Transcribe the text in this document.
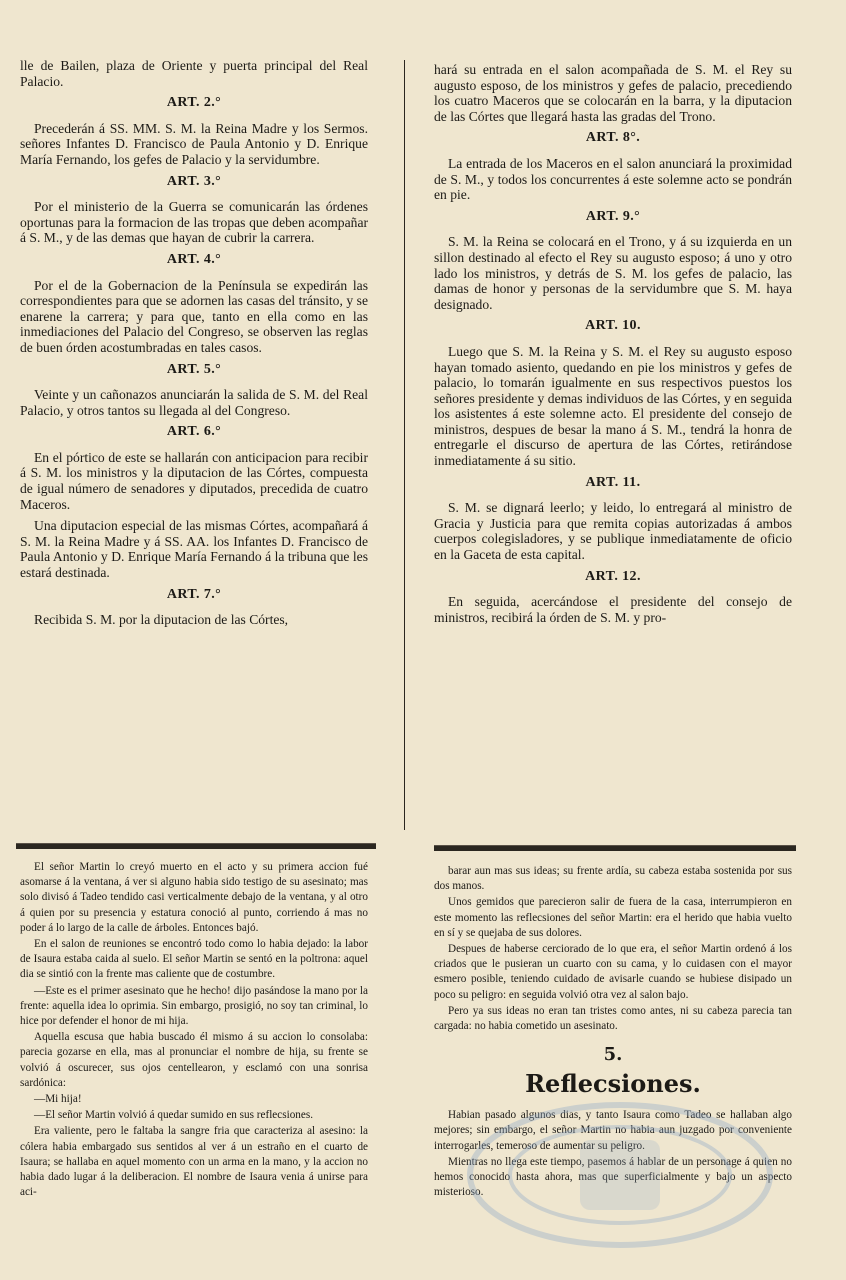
lle de Bailen, plaza de Oriente y puerta principal del Real Palacio.

ART. 2.°

Precederán á SS. MM. S. M. la Reina Madre y los Sermos. señores Infantes D. Francisco de Paula Antonio y D. Enrique María Fernando, los gefes de Palacio y la servidumbre.

ART. 3.°

Por el ministerio de la Guerra se comunicarán las órdenes oportunas para la formacion de las tropas que deben acompañar á S. M., y de las demas que hayan de cubrir la carrera.

ART. 4.°

Por el de la Gobernacion de la Península se expedirán las correspondientes para que se adornen las casas del tránsito, y se enarene la carrera; y para que, tanto en ella como en las inmediaciones del Palacio del Congreso, se observen las reglas de buen órden acostumbradas en tales casos.

ART. 5.°

Veinte y un cañonazos anunciarán la salida de S. M. del Real Palacio, y otros tantos su llegada al del Congreso.

ART. 6.°

En el pórtico de este se hallarán con anticipacion para recibir á S. M. los ministros y la diputacion de las Córtes, compuesta de igual número de senadores y diputados, precedida de cuatro Maceros.

Una diputacion especial de las mismas Córtes, acompañará á S. M. la Reina Madre y á SS. AA. los Infantes D. Francisco de Paula Antonio y D. Enrique María Fernando á la tribuna que les estará destinada.

ART. 7.°

Recibida S. M. por la diputacion de las Córtes,

hará su entrada en el salon acompañada de S. M. el Rey su augusto esposo, de los ministros y gefes de palacio, precediendo los cuatro Maceros que se colocarán en la barra, y la diputacion de las Córtes que llegará hasta las gradas del Trono.

ART. 8°.

La entrada de los Maceros en el salon anunciará la proximidad de S. M., y todos los concurrentes á este solemne acto se pondrán en pie.

ART. 9.°

S. M. la Reina se colocará en el Trono, y á su izquierda en un sillon destinado al efecto el Rey su augusto esposo; á uno y otro lado los ministros, y detrás de S. M. los gefes de palacio, las damas de honor y personas de la servidumbre que S. M. haya designado.

ART. 10.

Luego que S. M. la Reina y S. M. el Rey su augusto esposo hayan tomado asiento, quedando en pie los ministros y gefes de palacio, lo tomarán igualmente en sus respectivos puestos los señores presidente y demas individuos de las Córtes, y en seguida los asistentes á este solemne acto. El presidente del consejo de ministros, despues de besar la mano á S. M., tendrá la honra de entregarle el discurso de apertura de las Córtes, retirándose inmediatamente á su sitio.

ART. 11.

S. M. se dignará leerlo; y leido, lo entregará al ministro de Gracia y Justicia para que remita copias autorizadas á ambos cuerpos colegisladores, y se publique inmediatamente de oficio en la Gaceta de esta capital.

ART. 12.

En seguida, acercándose el presidente del consejo de ministros, recibirá la órden de S. M. y pro-

El señor Martin lo creyó muerto en el acto y su primera accion fué asomarse á la ventana, á ver si alguno habia sido testigo de su asesinato; mas solo divisó á Tadeo tendido casi verticalmente debajo de la ventana, y al otro á quien por su presencia y estatura conoció al punto, corriendo á mas no poder á lo largo de la calle de árboles. Entonces bajó.

En el salon de reuniones se encontró todo como lo habia dejado: la labor de Isaura estaba caida al suelo. El señor Martin se sentó en la poltrona: aquel dia se sintió con la frente mas caliente que de costumbre.

—Este es el primer asesinato que he hecho! dijo pasándose la mano por la frente: aquella idea lo oprimia. Sin embargo, prosigió, no soy tan criminal, lo hice por defender el honor de mi hija.

Aquella escusa que habia buscado él mismo á su accion lo consolaba: parecia gozarse en ella, mas al pronunciar el nombre de hija, su frente se volvió á oscurecer, sus ojos centellearon, y esclamó con una sonrisa sardónica:

—Mi hija!

—El señor Martin volvió á quedar sumido en sus reflecsiones.

Era valiente, pero le faltaba la sangre fria que caracteriza al asesino: la cólera habia embargado sus sentidos al ver á un estraño en el cuarto de Isaura; se hallaba en aquel momento con un arma en la mano, y la accion no habia dado lugar á la deliberacion. El nombre de Isaura venia á unirse para aci-

barar aun mas sus ideas; su frente ardía, su cabeza estaba sostenida por sus dos manos.

Unos gemidos que parecieron salir de fuera de la casa, interrumpieron en este momento las reflecsiones del señor Martin: era el herido que habia vuelto en sí y se quejaba de sus dolores.

Despues de haberse cerciorado de lo que era, el señor Martin ordenó á los criados que le pusieran un cuarto con su cama, y lo cuidasen con el mayor esmero posible, teniendo cuidado de avisarle cuando se hubiese disipado un poco su peligro: en seguida volvió otra vez al salon bajo.

Pero ya sus ideas no eran tan tristes como antes, ni su cabeza parecia tan cargada: no habia cometido un asesinato.

5.
Reflecsiones.

Habian pasado algunos dias, y tanto Isaura como Tadeo se hallaban algo mejores; sin embargo, el señor Martin no habia aun juzgado por conveniente interrogarles, temeroso de aumentar su peligro.

Mientras no llega este tiempo, pasemos á hablar de un personage á quien no hemos conocido hasta ahora, mas que superficialmente y bajo un aspecto misterioso.
